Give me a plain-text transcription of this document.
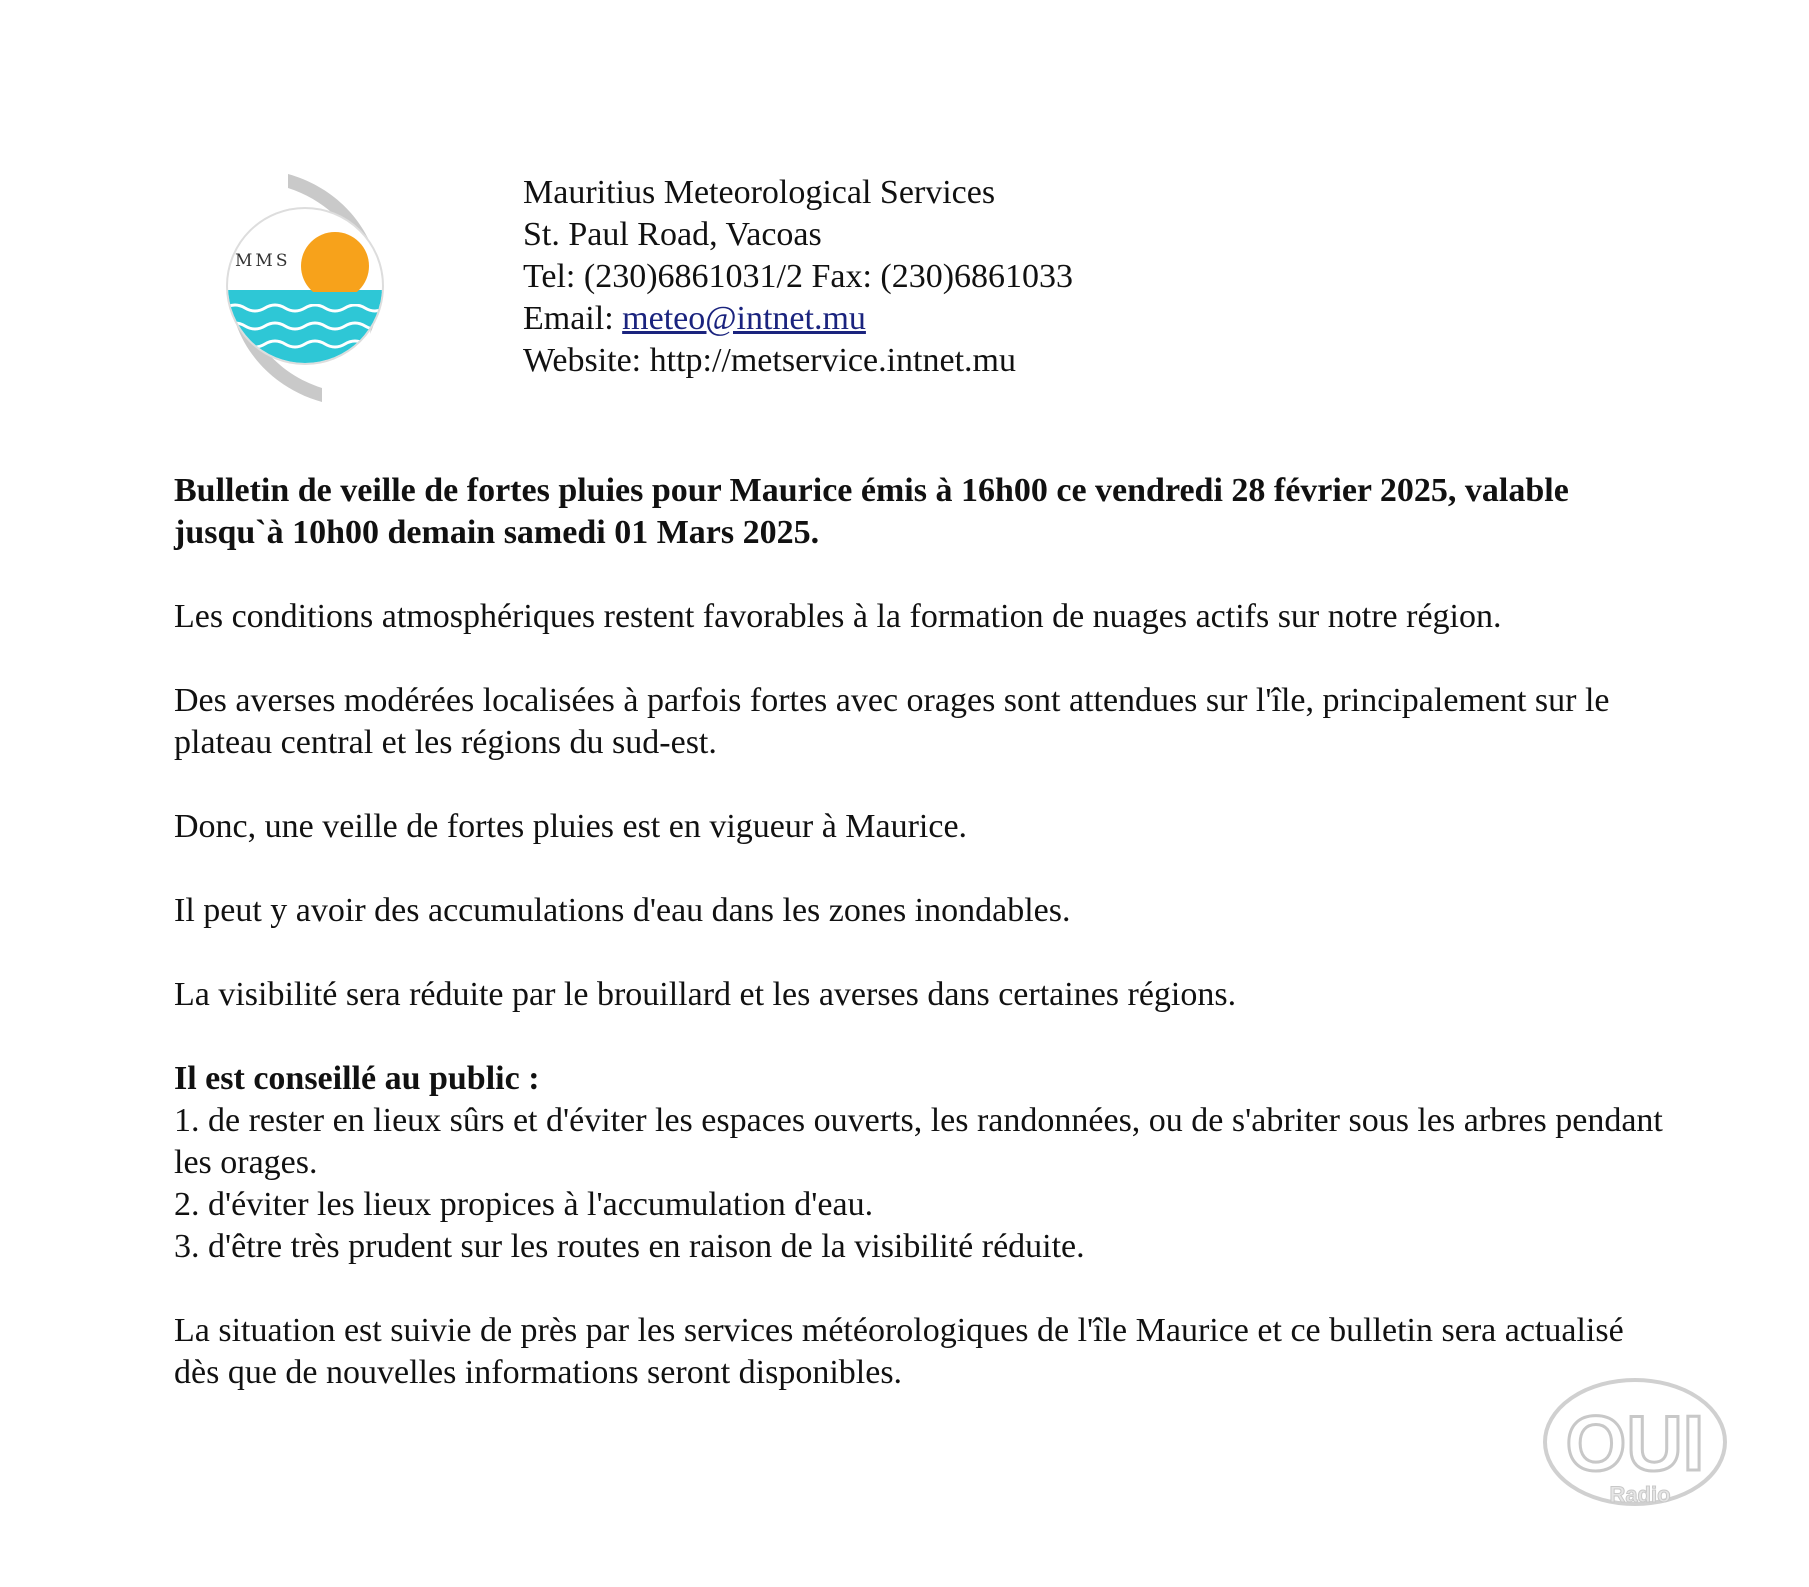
MMS
Mauritius Meteorological Services
St. Paul Road, Vacoas
Tel: (230)6861031/2 Fax: (230)6861033
Email: meteo@intnet.mu
Website: http://metservice.intnet.mu

Bulletin de veille de fortes pluies pour Maurice émis à 16h00 ce vendredi 28 février 2025, valable jusqu`à 10h00 demain samedi 01 Mars 2025.

Les conditions atmosphériques restent favorables à la formation de nuages actifs sur notre région.

Des averses modérées localisées à parfois fortes avec orages sont attendues sur l'île, principalement sur le plateau central et les régions du sud-est.

Donc, une veille de fortes pluies est en vigueur à Maurice.

Il peut y avoir des accumulations d'eau dans les zones inondables.

La visibilité sera réduite par le brouillard et les averses dans certaines régions.

Il est conseillé au public :
1. de rester en lieux sûrs et d'éviter les espaces ouverts, les randonnées, ou de s'abriter sous les arbres pendant les orages.
2. d'éviter les lieux propices à l'accumulation d'eau.
3. d'être très prudent sur les routes en raison de la visibilité réduite.

La situation est suivie de près par les services météorologiques de l'île Maurice et ce bulletin sera actualisé dès que de nouvelles informations seront disponibles.

OUI
Radio
